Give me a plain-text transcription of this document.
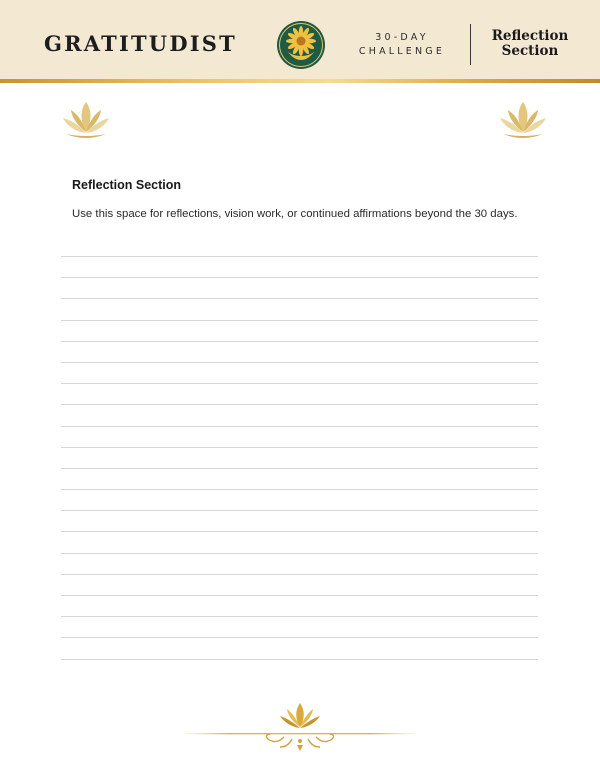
GRATITUDIST	30-DAY
CHALLENGE
Reflection
Section
Reflection Section
Use this space for reflections, vision work, or continued affirmations beyond the 30 days.
